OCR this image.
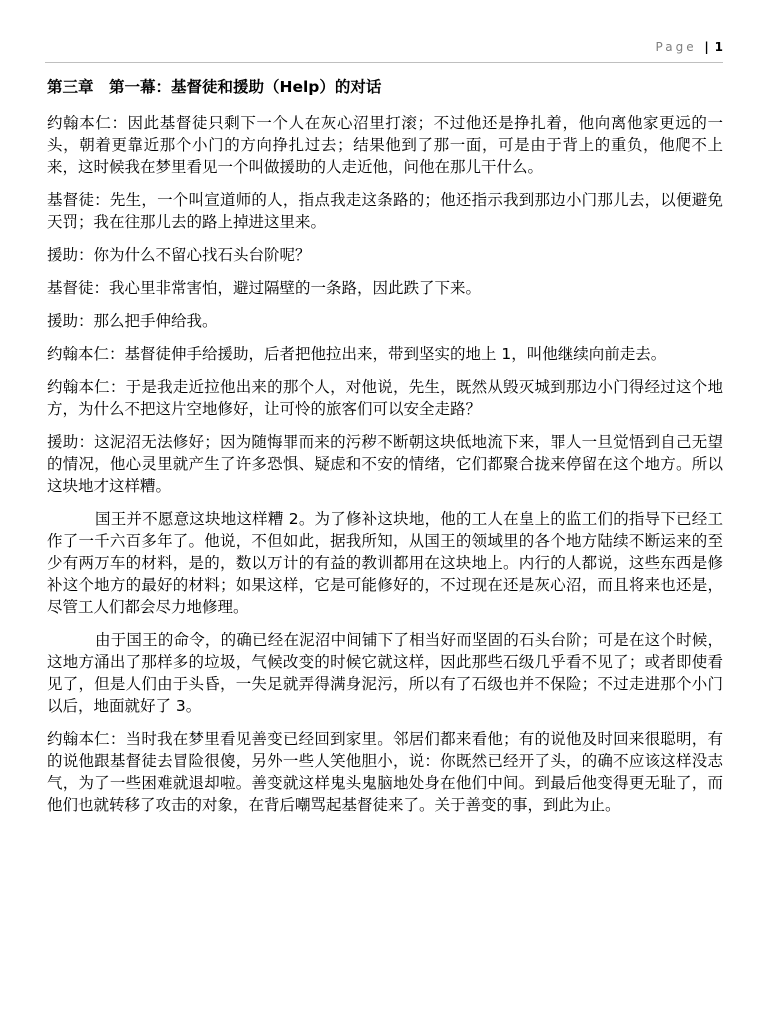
Page | 1
第三章　第一幕：基督徒和援助（Help）的对话

约翰本仁：因此基督徒只剩下一个人在灰心沼里打滚；不过他还是挣扎着，他向离他家更远的一头，朝着更靠近那个小门的方向挣扎过去；结果他到了那一面，可是由于背上的重负，他爬不上来，这时候我在梦里看见一个叫做援助的人走近他，问他在那儿干什么。

基督徒：先生，一个叫宣道师的人，指点我走这条路的；他还指示我到那边小门那儿去，以便避免天罚；我在往那儿去的路上掉进这里来。

援助：你为什么不留心找石头台阶呢？

基督徒：我心里非常害怕，避过隔壁的一条路，因此跌了下来。

援助：那么把手伸给我。

约翰本仁：基督徒伸手给援助，后者把他拉出来，带到坚实的地上 1，叫他继续向前走去。

约翰本仁：于是我走近拉他出来的那个人，对他说，先生，既然从毁灭城到那边小门得经过这个地方，为什么不把这片空地修好，让可怜的旅客们可以安全走路？

援助：这泥沼无法修好；因为随悔罪而来的污秽不断朝这块低地流下来，罪人一旦觉悟到自己无望的情况，他心灵里就产生了许多恐惧、疑虑和不安的情绪，它们都聚合拢来停留在这个地方。所以这块地才这样糟。

国王并不愿意这块地这样糟 2。为了修补这块地，他的工人在皇上的监工们的指导下已经工作了一千六百多年了。他说，不但如此，据我所知，从国王的领域里的各个地方陆续不断运来的至少有两万车的材料，是的，数以万计的有益的教训都用在这块地上。内行的人都说，这些东西是修补这个地方的最好的材料；如果这样，它是可能修好的，不过现在还是灰心沼，而且将来也还是，尽管工人们都会尽力地修理。

由于国王的命令，的确已经在泥沼中间铺下了相当好而坚固的石头台阶；可是在这个时候，这地方涌出了那样多的垃圾，气候改变的时候它就这样，因此那些石级几乎看不见了；或者即使看见了，但是人们由于头昏，一失足就弄得满身泥污，所以有了石级也并不保险；不过走进那个小门以后，地面就好了 3。

约翰本仁：当时我在梦里看见善变已经回到家里。邻居们都来看他；有的说他及时回来很聪明，有的说他跟基督徒去冒险很傻，另外一些人笑他胆小，说：你既然已经开了头，的确不应该这样没志气，为了一些困难就退却啦。善变就这样鬼头鬼脑地处身在他们中间。到最后他变得更无耻了，而他们也就转移了攻击的对象，在背后嘲骂起基督徒来了。关于善变的事，到此为止。
